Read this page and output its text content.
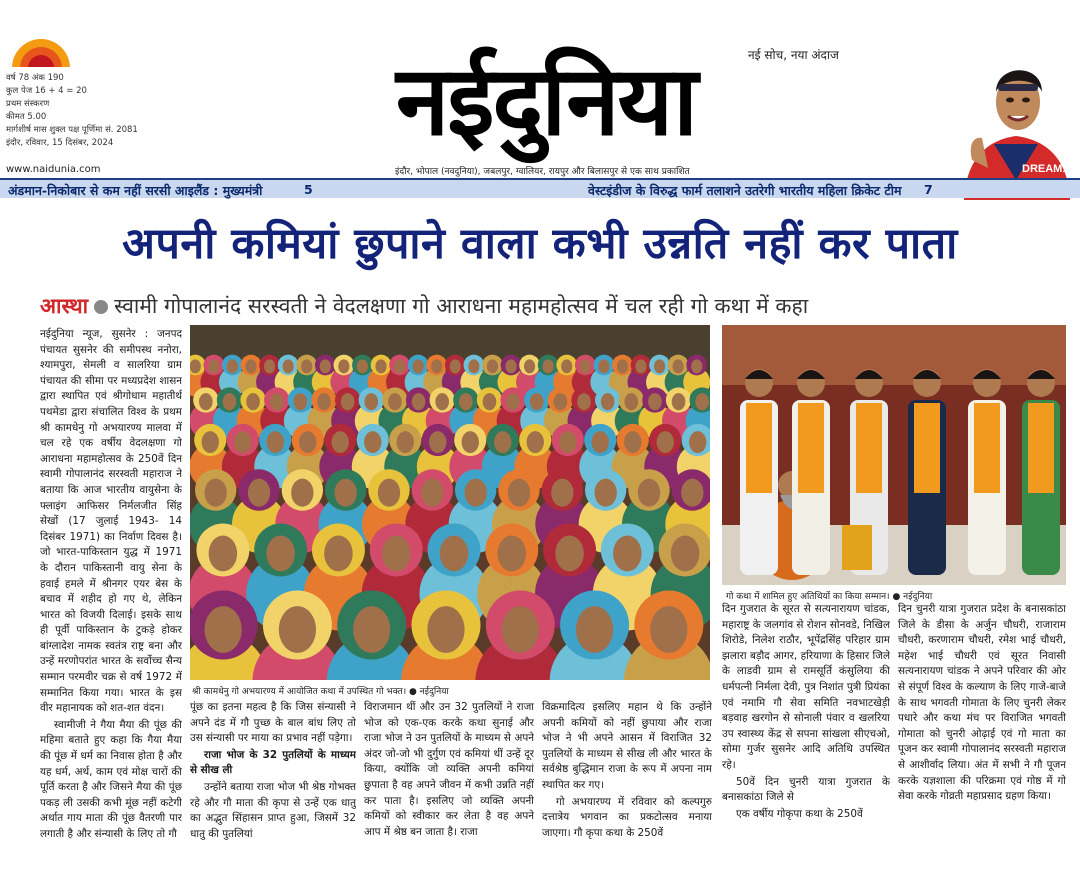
वर्ष 78 अंक 190
कुल पेज 16 + 4 = 20
प्रथम संस्करण
कीमत 5.00
मार्गशीर्ष मास शुक्ल पक्ष पूर्णिमा सं. 2081
इंदौर, रविवार, 15 दिसंबर, 2024
www.naidunia.com
नई सोच, नया अंदाज
नईदुनिया
इंदौर, भोपाल (नवदुनिया), जबलपुर, ग्वालियर, रायपुर और बिलासपुर से एक साथ प्रकाशित	DREAM11
अंडमान-निकोबार से कम नहीं सरसी आइलैंड : मुख्यमंत्री	5	वेस्टइंडीज के विरुद्ध फार्म तलाशने उतरेगी भारतीय महिला क्रिकेट टीम 7
अपनी कमियां छुपाने वाला कभी उन्नति नहीं कर पाता
आस्था स्वामी गोपालानंद सरस्वती ने वेदलक्षणा गो आराधना महामहोत्सव में चल रही गो कथा में कहा

नईदुनिया न्यूज, सुसनेर : जनपद पंचायत सुसनेर की समीपस्थ ननोरा, श्यामपुरा, सेमली व सालरिया ग्राम पंचायत की सीमा पर मध्यप्रदेश शासन द्वारा स्थापित एवं श्रीगोधाम महातीर्थ पथमेडा द्वारा संचालित विश्व के प्रथम श्री कामधेनु गो अभयारण्य मालवा में चल रहे एक वर्षीय वेदलक्षणा गो आराधना महामहोत्सव के 250वें दिन स्वामी गोपालानंद सरस्वती महाराज ने बताया कि आज भारतीय वायुसेना के फ्लाइंग आफिसर निर्मलजीत सिंह सेखों (17 जुलाई 1943- 14 दिसंबर 1971) का निर्वाण दिवस है। जो भारत-पाकिस्तान युद्ध में 1971 के दौरान पाकिस्तानी वायु सेना के हवाई हमले में श्रीनगर एयर बेस के बचाव में शहीद हो गए थे, लेकिन भारत को विजयी दिलाई। इसके साथ ही पूर्वी पाकिस्तान के टुकड़े होकर बांग्लादेश नामक स्वतंत्र राष्ट्र बना और उन्हें मरणोपरांत भारत के सर्वोच्च सैन्य सम्मान परमवीर चक्र से वर्ष 1972 में सम्मानित किया गया। भारत के इस वीर महानायक को शत-शत वंदन।

स्वामीजी ने गैया मैया की पूंछ की महिमा बताते हुए कहा कि गैया मैया की पूंछ में धर्म का निवास होता है और यह धर्म, अर्थ, काम एवं मोक्ष चारों की पूर्ति करता है और जिसने मैया की पूंछ पकड़ ली उसकी कभी मूंछ नहीं कटेगी अर्थात गाय माता की पूंछ वैतरणी पार लगाती है और संन्यासी के लिए तो गौ

श्री कामधेनु गो अभयारण्य में आयोजित कथा में उपस्थित गो भक्त। ● नईदुनिया
गो कथा में शामिल हुए अतिथियों का किया सम्मान। ● नईदुनिया

पूंछ का इतना महत्व है कि जिस संन्यासी ने अपने दंड में गौ पुच्छ के बाल बांध लिए तो उस संन्यासी पर माया का प्रभाव नहीं पड़ेगा।

राजा भोज के 32 पुतलियों के माध्यम से सीख ली

उन्होंने बताया राजा भोज भी श्रेष्ठ गोभक्त रहे और गौ माता की कृपा से उन्हें एक धातु का अद्भुत सिंहासन प्राप्त हुआ, जिसमें 32 धातु की पुतलियां

विराजमान थीं और उन 32 पुतलियों ने राजा भोज को एक-एक करके कथा सुनाई और राजा भोज ने उन पुतलियों के माध्यम से अपने अंदर जो-जो भी दुर्गुण एवं कमियां थीं उन्हें दूर किया, क्योंकि जो व्यक्ति अपनी कमियां छुपाता है वह अपने जीवन में कभी उन्नति नहीं कर पाता है। इसलिए जो व्यक्ति अपनी कमियों को स्वीकार कर लेता है वह अपने आप में श्रेष्ठ बन जाता है। राजा

विक्रमादित्य इसलिए महान थे कि उन्होंने अपनी कमियों को नहीं छुपाया और राजा भोज ने भी अपने आसन में विराजित 32 पुतलियों के माध्यम से सीख ली और भारत के सर्वश्रेष्ठ बुद्धिमान राजा के रूप में अपना नाम स्थापित कर गए।

गो अभयारण्य में रविवार को कल्पगुरु दत्तात्रेय भगवान का प्रकटोत्सव मनाया जाएगा। गौ कृपा कथा के 250वें

दिन गुजरात के सूरत से सत्यनारायण चांडक, महाराष्ट्र के जलगांव से रोशन सोनवडे, निखिल शिरोडे, निलेश राठौर, भूपेंद्रसिंह परिहार ग्राम झलारा बड़ौद आगर, हरियाणा के हिसार जिले के लाडवी ग्राम से रामसूर्ति कंसुलिया की धर्मपत्नी निर्मला देवी, पुत्र निशांत पुत्री प्रियंका एवं नमामि गौ सेवा समिति नवभाटखेड़ी बड़वाह खरगोन से सोनाली पंवार व खलरिया उप स्वास्थ्य केंद्र से सपना सांखला सीएचओ, सोमा गुर्जर सुसनेर आदि अतिथि उपस्थित रहे।

50वें दिन चुनरी यात्रा गुजरात के बनासकांठा जिले से

एक वर्षीय गोकृपा कथा के 250वें

दिन चुनरी यात्रा गुजरात प्रदेश के बनासकांठा जिले के डीसा के अर्जुन चौधरी, राजाराम चौधरी, करणाराम चौधरी, रमेश भाई चौधरी, महेश भाई चौधरी एवं सूरत निवासी सत्यनारायण चांडक ने अपने परिवार की ओर से संपूर्ण विश्व के कल्याण के लिए गाजे-बाजे के साथ भगवती गोमाता के लिए चुनरी लेकर पधारे और कथा मंच पर विराजित भगवती गोमाता को चुनरी ओढ़ाई एवं गो माता का पूजन कर स्वामी गोपालानंद सरस्वती महाराज से आशीर्वाद लिया। अंत में सभी ने गौ पूजन करके यज्ञशाला की परिक्रमा एवं गोष्ठ में गो सेवा करके गोव्रती महाप्रसाद ग्रहण किया।
